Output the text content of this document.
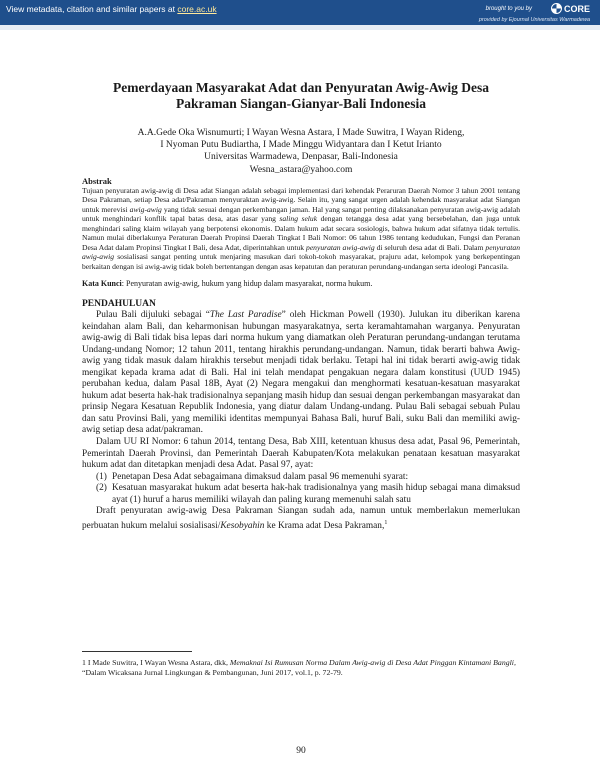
View metadata, citation and similar papers at core.ac.uk	brought to you by	CORE
provided by Ejournal Universitas Warmadewa
Pemerdayaan Masyarakat Adat dan Penyuratan Awig-Awig Desa Pakraman Siangan-Gianyar-Bali Indonesia
A.A.Gede Oka Wisnumurti; I Wayan Wesna Astara, I Made Suwitra, I Wayan Rideng,
I Nyoman Putu Budiartha, I Made Minggu Widyantara dan I Ketut Irianto
Universitas Warmadewa, Denpasar, Bali-Indonesia
Wesna_astara@yahoo.com
Abstrak

Tujuan penyuratan awig-awig di Desa adat Siangan adalah sebagai implementasi dari kehendak Peraruran Daerah Nomor 3 tahun 2001 tentang Desa Pakraman, setiap Desa adat/Pakraman menyuraktan awig-awig. Selain itu, yang sangat urgen adalah kehendak masyarakat adat Siangan untuk merevisi awig-awig yang tidak sesuai dengan perkembangan jaman. Hal yang sangat penting dilaksanakan penyuratan awig-awig adalah untuk menghindari konflik tapal batas desa, atas dasar yang saling seluk dengan tetangga desa adat yang bersebelahan, dan juga untuk menghindari saling klaim wilayah yang berpotensi ekonomis. Dalam hukum adat secara sosiologis, bahwa hukum adat sifatnya tidak tertulis. Namun mulai diberlakunya Peraturan Daerah Propinsi Daerah Tingkat I Bali Nomor: 06 tahun 1986 tentang kedudukan, Fungsi dan Peranan Desa Adat dalam Propinsi Tingkat I Bali, desa Adat, diperintahkan untuk penyuratan awig-awig di seluruh desa adat di Bali. Dalam penyuratan awig-awig sosialisasi sangat penting untuk menjaring masukan dari tokoh-tokoh masyarakat, prajuru adat, kelompok yang berkepentingan berkaitan dengan isi awig-awig tidak boleh bertentangan dengan asas kepatutan dan peraturan perundang-undangan serta ideologi Pancasila.

Kata Kunci: Penyuratan awig-awig, hukum yang hidup dalam masyarakat, norma hukum.

PENDAHULUAN

Pulau Bali dijuluki sebagai “The Last Paradise” oleh Hickman Powell (1930). Julukan itu diberikan karena keindahan alam Bali, dan keharmonisan hubungan masyarakatnya, serta keramahtamahan warganya. Penyuratan awig-awig di Bali tidak bisa lepas dari norma hukum yang diamatkan oleh Peraturan perundang-undangan terutama Undang-undang Nomor; 12 tahun 2011, tentang hirakhis perundang-undangan. Namun, tidak berarti bahwa Awig-awig yang tidak masuk dalam hirakhis tersebut menjadi tidak berlaku. Tetapi hal ini tidak berarti awig-awig tidak mengikat kepada krama adat di Bali. Hal ini telah mendapat pengakuan negara dalam konstitusi (UUD 1945) perubahan kedua, dalam Pasal 18B, Ayat (2) Negara mengakui dan menghormati kesatuan-kesatuan masyarakat hukum adat beserta hak-hak tradisionalnya sepanjang masih hidup dan sesuai dengan perkembangan masyarakat dan prinsip Negara Kesatuan Republik Indonesia, yang diatur dalam Undang-undang. Pulau Bali sebagai sebuah Pulau dan satu Provinsi Bali, yang memiliki identitas mempunyai Bahasa Bali, huruf Bali, suku Bali dan memiliki awig-awig setiap desa adat/pakraman.

Dalam UU RI Nomor: 6 tahun 2014, tentang Desa, Bab XIII, ketentuan khusus desa adat, Pasal 96, Pemerintah, Pemerintah Daerah Provinsi, dan Pemerintah Daerah Kabupaten/Kota melakukan penataan kesatuan masyarakat hukum adat dan ditetapkan menjadi desa Adat. Pasal 97, ayat:

(1) Penetapan Desa Adat sebagaimana dimaksud dalam pasal 96 memenuhi syarat:
(2) Kesatuan masyarakat hukum adat beserta hak-hak tradisionalnya yang masih hidup sebagai mana dimaksud ayat (1) huruf a harus memiliki wilayah dan paling kurang memenuhi salah satu

Draft penyuratan awig-awig Desa Pakraman Siangan sudah ada, namun untuk memberlakun memerlukan perbuatan hukum melalui sosialisasi/Kesobyahin ke Krama adat Desa Pakraman,$^1$

1 I Made Suwitra, I Wayan Wesna Astara, dkk, Memaknai Isi Rumusan Norma Dalam Awig-awig di Desa Adat Pinggan Kintamani Bangli, “Dalam Wicaksana Jurnal Lingkungan & Pembangunan, Juni 2017, vol.1, p. 72-79.

90
